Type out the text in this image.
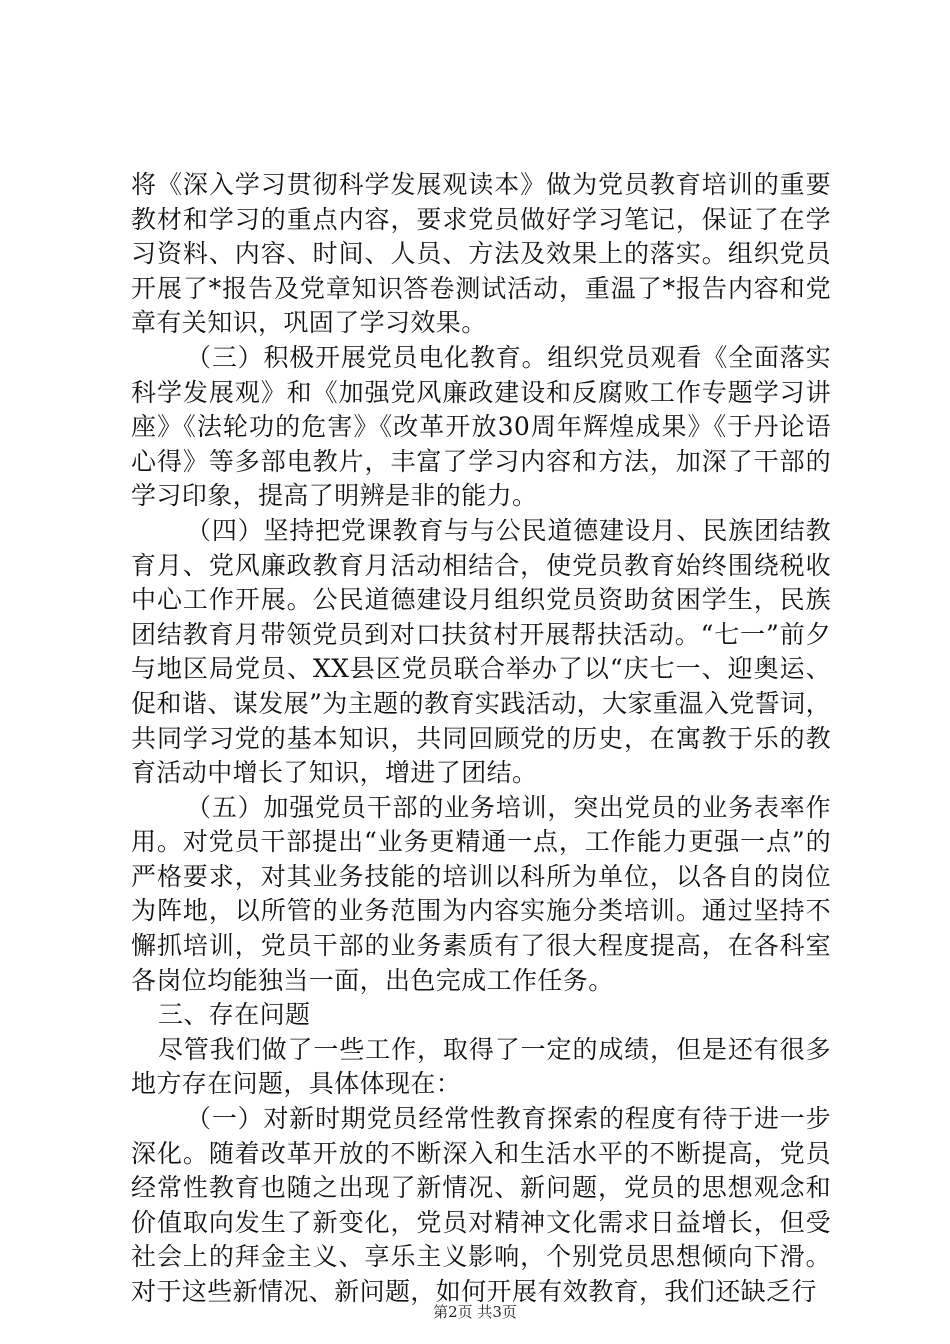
将《深入学习贯彻科学发展观读本》做为党员教育培训的重要教材和学习的重点内容，要求党员做好学习笔记，保证了在学习资料、内容、时间、人员、方法及效果上的落实。组织党员开展了*报告及党章知识答卷测试活动，重温了*报告内容和党章有关知识，巩固了学习效果。

（三）积极开展党员电化教育。组织党员观看《全面落实科学发展观》和《加强党风廉政建设和反腐败工作专题学习讲座》《法轮功的危害》《改革开放30周年辉煌成果》《于丹论语心得》等多部电教片，丰富了学习内容和方法，加深了干部的学习印象，提高了明辨是非的能力。

（四）坚持把党课教育与与公民道德建设月、民族团结教育月、党风廉政教育月活动相结合，使党员教育始终围绕税收中心工作开展。公民道德建设月组织党员资助贫困学生，民族团结教育月带领党员到对口扶贫村开展帮扶活动。“七一”前夕与地区局党员、XX县区党员联合举办了以“庆七一、迎奥运、促和谐、谋发展”为主题的教育实践活动，大家重温入党誓词，共同学习党的基本知识，共同回顾党的历史，在寓教于乐的教育活动中增长了知识，增进了团结。

（五）加强党员干部的业务培训，突出党员的业务表率作用。对党员干部提出“业务更精通一点，工作能力更强一点”的严格要求，对其业务技能的培训以科所为单位，以各自的岗位为阵地，以所管的业务范围为内容实施分类培训。通过坚持不懈抓培训，党员干部的业务素质有了很大程度提高，在各科室各岗位均能独当一面，出色完成工作任务。

三、存在问题

尽管我们做了一些工作，取得了一定的成绩，但是还有很多地方存在问题，具体体现在：

（一）对新时期党员经常性教育探索的程度有待于进一步深化。随着改革开放的不断深入和生活水平的不断提高，党员经常性教育也随之出现了新情况、新问题，党员的思想观念和价值取向发生了新变化，党员对精神文化需求日益增长，但受社会上的拜金主义、享乐主义影响，个别党员思想倾向下滑。对于这些新情况、新问题，如何开展有效教育，我们还缺乏行

第2页 共3页
